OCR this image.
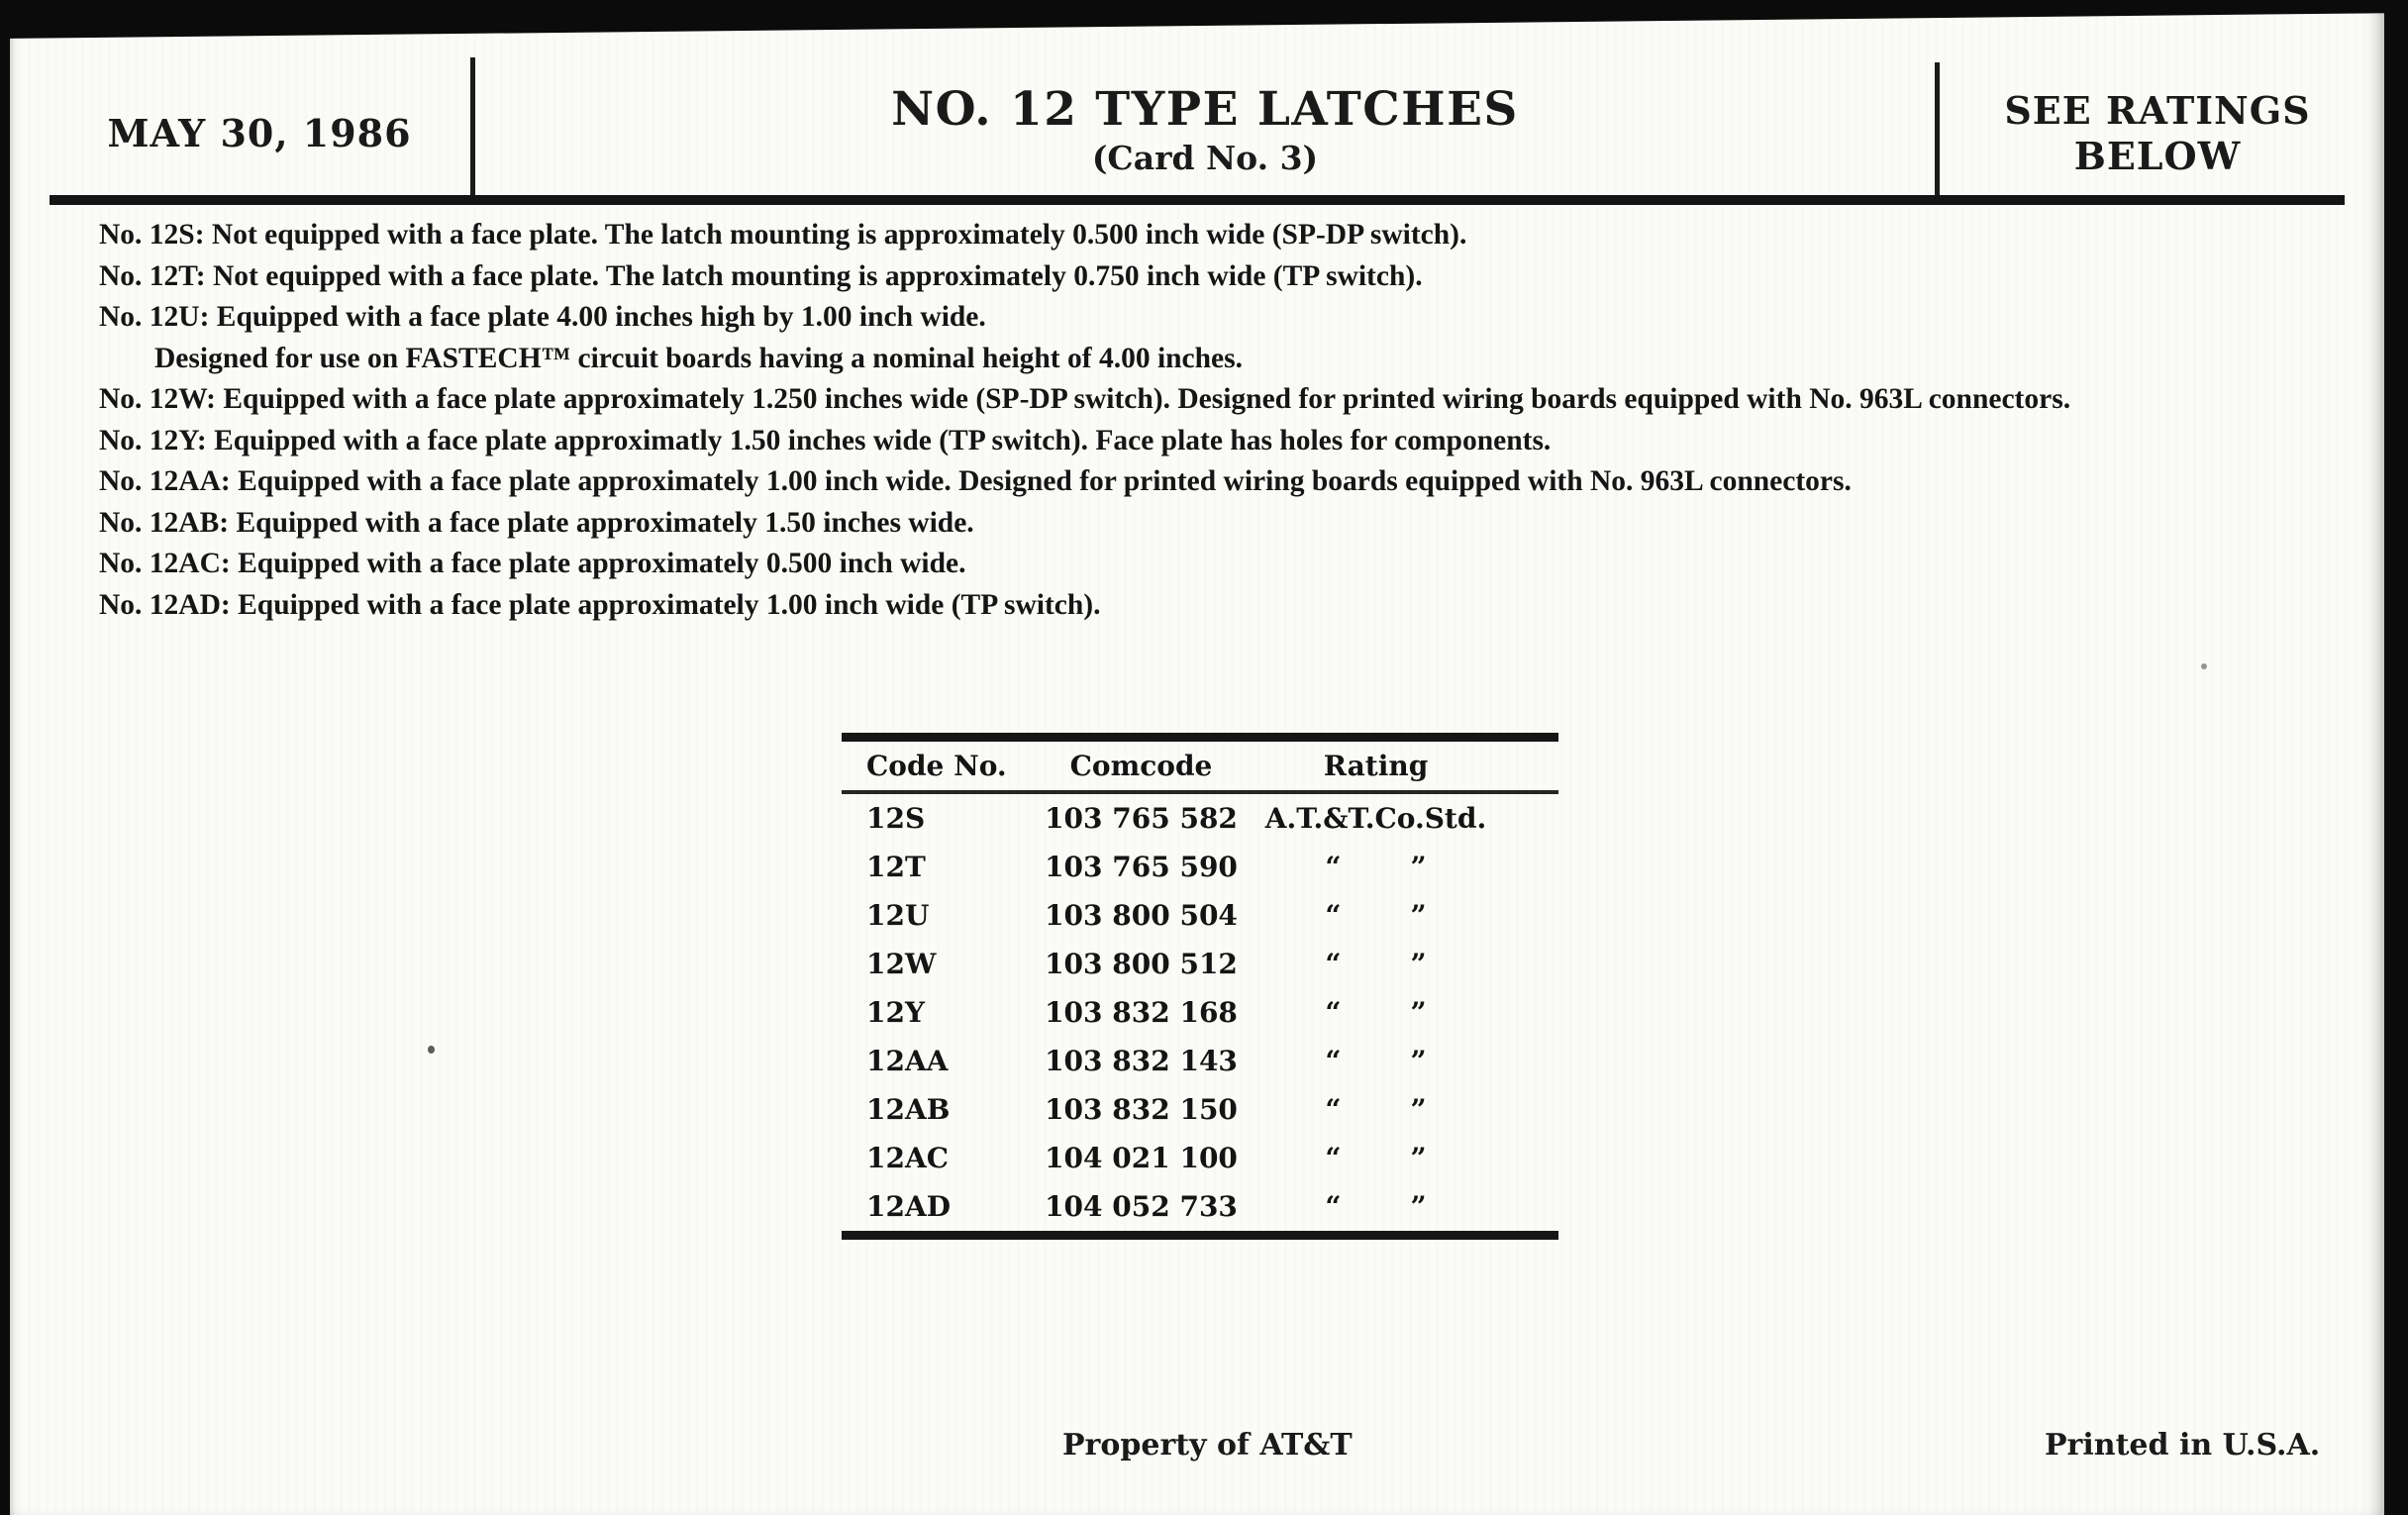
MAY 30, 1986	NO. 12 TYPE LATCHES
(Card No. 3)
SEE RATINGS
BELOW
No. 12S: Not equipped with a face plate. The latch mounting is approximately 0.500 inch wide (SP-DP switch).
No. 12T: Not equipped with a face plate. The latch mounting is approximately 0.750 inch wide (TP switch).
No. 12U: Equipped with a face plate 4.00 inches high by 1.00 inch wide.
Designed for use on FASTECH™ circuit boards having a nominal height of 4.00 inches.
No. 12W: Equipped with a face plate approximately 1.250 inches wide (SP-DP switch). Designed for printed wiring boards equipped with No. 963L connectors.
No. 12Y: Equipped with a face plate approximatly 1.50 inches wide (TP switch). Face plate has holes for components.
No. 12AA: Equipped with a face plate approximately 1.00 inch wide. Designed for printed wiring boards equipped with No. 963L connectors.
No. 12AB: Equipped with a face plate approximately 1.50 inches wide.
No. 12AC: Equipped with a face plate approximately 0.500 inch wide.
No. 12AD: Equipped with a face plate approximately 1.00 inch wide (TP switch).
Code No.	Comcode	Rating
12S	103 765 582 A.T.&T.Co.Std.
12T	103 765 590	“	”
12U	103 800 504	“	”
12W	103 800 512	“	”
12Y	103 832 168	“	”
12AA	103 832 143	“	”
12AB	103 832 150	“	”
12AC	104 021 100	“	”
12AD	104 052 733	“	”
Property of AT&T	Printed in U.S.A.
